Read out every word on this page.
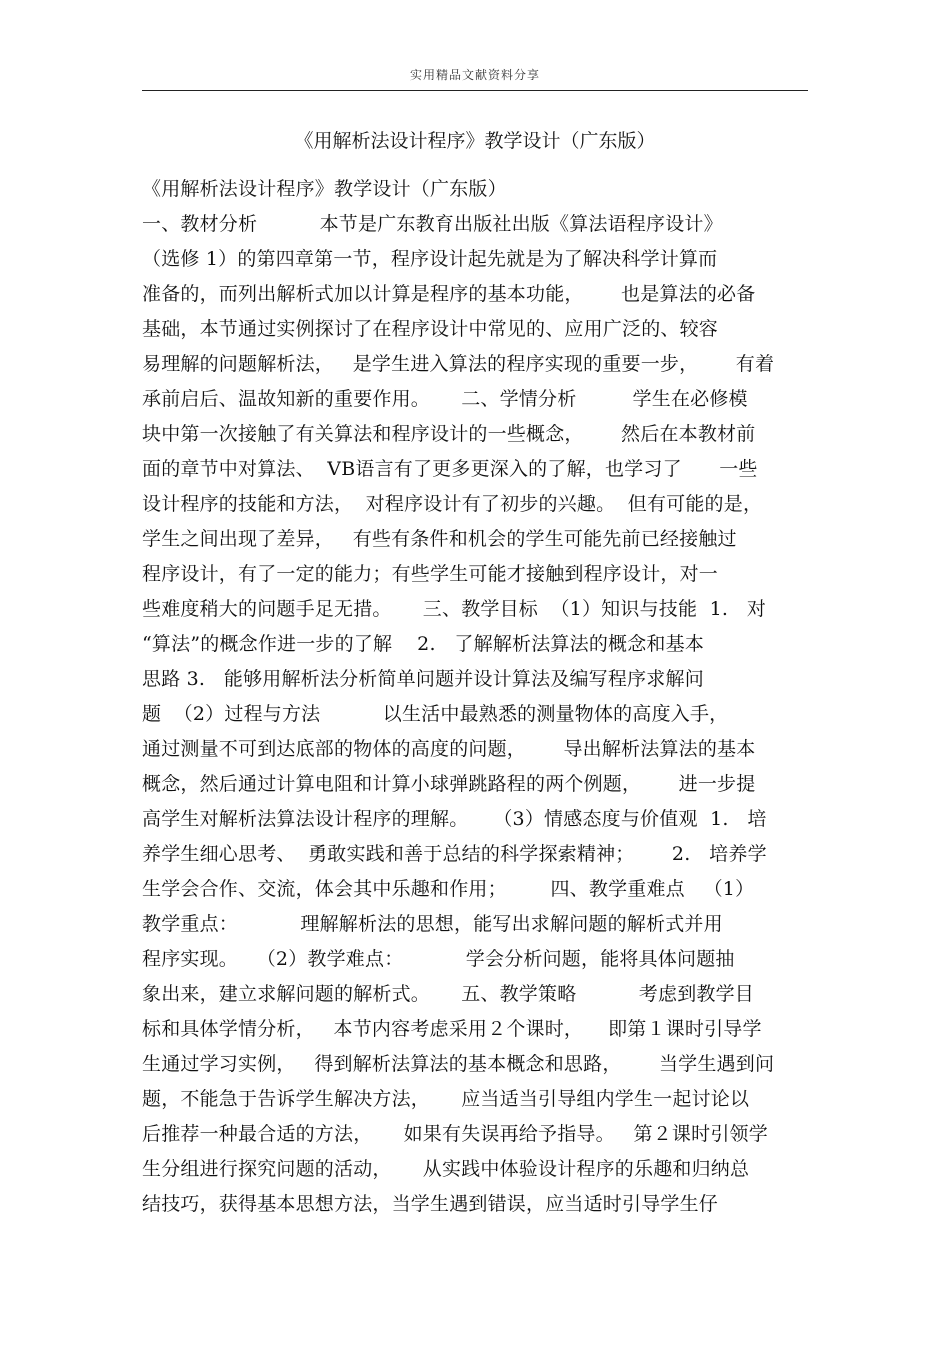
实用精品文献资料分享
《用解析法设计程序》教学设计（广东版）
《用解析法设计程序》教学设计（广东版）
一、教材分析          本节是广东教育出版社出版《算法语程序设计》
（选修 1）的第四章第一节，程序设计起先就是为了解决科学计算而
准备的，而列出解析式加以计算是程序的基本功能，      也是算法的必备
基础，本节通过实例探讨了在程序设计中常见的、应用广泛的、较容
易理解的问题解析法，   是学生进入算法的程序实现的重要一步，      有着
承前启后、温故知新的重要作用。     二、学情分析         学生在必修模
块中第一次接触了有关算法和程序设计的一些概念，      然后在本教材前
面的章节中对算法、  VB语言有了更多更深入的了解，也学习了      一些
设计程序的技能和方法，  对程序设计有了初步的兴趣。  但有可能的是，
学生之间出现了差异，   有些有条件和机会的学生可能先前已经接触过
程序设计，有了一定的能力；有些学生可能才接触到程序设计，对一
些难度稍大的问题手足无措。     三、教学目标  （1）知识与技能  1.   对
“算法”的概念作进一步的了解    2.   了解解析法算法的概念和基本
思路 3.   能够用解析法分析简单问题并设计算法及编写程序求解问
题  （2）过程与方法          以生活中最熟悉的测量物体的高度入手，
通过测量不可到达底部的物体的高度的问题，      导出解析法算法的基本
概念，然后通过计算电阻和计算小球弹跳路程的两个例题，      进一步提
高学生对解析法算法设计程序的理解。    （3）情感态度与价值观  1.   培
养学生细心思考、  勇敢实践和善于总结的科学探索精神；      2.   培养学
生学会合作、交流，体会其中乐趣和作用；       四、教学重难点   （1）
教学重点：          理解解析法的思想，能写出求解问题的解析式并用
程序实现。   （2）教学难点：          学会分析问题，能将具体问题抽
象出来，建立求解问题的解析式。     五、教学策略          考虑到教学目
标和具体学情分析，   本节内容考虑采用２个课时，    即第１课时引导学
生通过学习实例，   得到解析法算法的基本概念和思路，      当学生遇到问
题，不能急于告诉学生解决方法，     应当适当引导组内学生一起讨论以
后推荐一种最合适的方法，     如果有失误再给予指导。   第２课时引领学
生分组进行探究问题的活动，     从实践中体验设计程序的乐趣和归纳总
结技巧，获得基本思想方法，当学生遇到错误，应当适时引导学生仔
